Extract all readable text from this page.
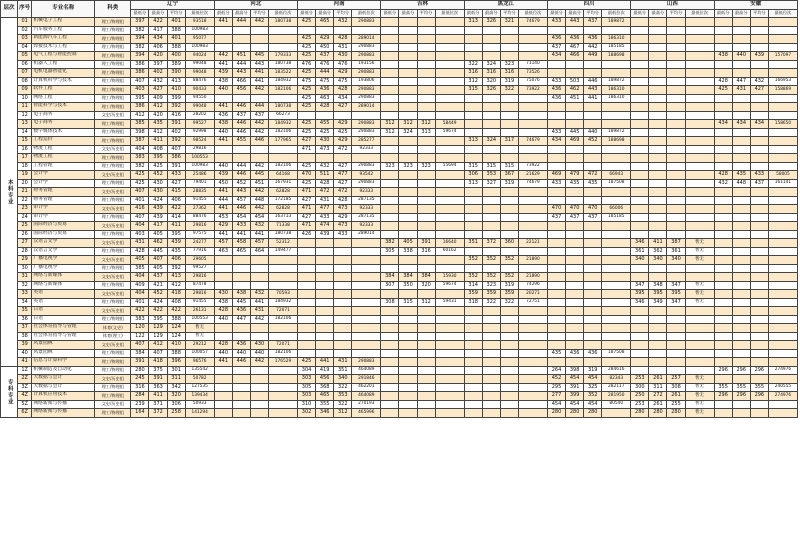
层次	序号	专业名称	科类	辽宁				河北				河南				吉林				黑龙江				四川				山西				安徽			
				最低分	最高分	平均分	最低位次	最低分	最高分	平均分	最低位次	最低分	最高分	平均分	最低位次	最低分	最高分	平均分	最低位次	最低分	最高分	平均分	最低位次	最低分	最高分	平均分	最低位次	最低分	最高分	平均分	最低位次	最低分	最高分	平均分	最低位次
本科专业	01	机械电子工程	理工/物理组	397	422	401	93518	441	444	442	180738	425	465	432	290883					313	326	321	74679	433	443	437	189872								
	02	汽车服务工程	理工/物理组	382	417	388	100983																												
	03	新能源汽车工程	理工/物理组	394	434	401	95077					425	429	428	289014									436	436	436	186310								
	04	焊接技术与工程	理工/物理组	382	406	388	100983					425	450	431	290883									437	467	442	185185								
	05	电气工程与智能控制	理工/物理组	394	420	400	94024	442	451	445	179333	425	437	430	290883									434	466	449	188698					438	440	439	157097
	06	机器人工程	理工/物理组	386	397	389	99048	441	444	443	180738	476	476	476	193156					322	324	323	71140												
	07	电机电器智能化	理工/物理组	386	402	390	99048	439	443	441	183522	425	444	429	290883					316	316	316	73526												
	08	计算机科学与技术	理工/物理组	407	432	413	88476	438	466	441	184932	475	475	475	193806					312	320	319	75076	433	503	446	189872					428	447	432	166953
	09	软件工程	理工/物理组	403	427	410	90433	440	456	442	182106	425	436	428	290883					315	326	322	73922	436	462	443	186310					425	431	427	158869
	10	网络工程	理工/物理组	395	409	399	94550					425	463	434	290883									436	451	441	186310								
	11	智能科学与技术	理工/物理组	386	412	392	99048	441	446	444	180738	425	428	427	289014																				
	12	电子商务	文史/历史组	412	420	416	28202	436	437	437	66273																								
	13	电子商务	理工/物理组	385	435	391	99527	438	446	442	184932	425	455	429	290883	312	312	312	58449													434	434	434	158650
	14	数字媒体技术	理工/物理组	398	412	402	92998	440	446	442	182106	425	425	425	290883	312	324	313	59674					433	445	440	189872								
	15	工程造价	理工/物理组	387	411	392	98524	441	455	446	177965	427	430	429	285277					313	324	317	74679	434	469	452	188698								
	16	物流工程	文史/历史组	404	408	407	29816					471	473	472	92333																				
	17	物流工程	理工/物理组	383	395	386	100553																												
	18	工程管理	理工/物理组	382	425	391	100983	440	444	442	182106	425	432	427	290883	323	323	323	55694	315	315	315	73922												
	19	会计学	文史/历史组	425	452	433	25486	439	446	445	64168	470	511	477	93542					306	353	367	21629	469	479	472	66943					428	435	433	58005
	20	会计学	理工/物理组	425	430	427	79401	450	452	451	167931	425	428	427	290883					313	327	319	74679	433	435	435	187508					432	448	437	161141
	21	财务管理	文史/历史组	407	430	415	28835	441	443	442	62828	471	472	472	92333																				
	22	财务管理	理工/物理组	401	424	406	91455	444	457	448	172185	427	431	428	287135																				
	23	审计学	文史/历史组	416	439	422	27362	441	446	442	62828	471	477	473	92333									470	470	470	66006								
	24	审计学	理工/物理组	407	439	414	88476	453	454	454	163713	427	433	429	287135									437	437	437	185185								
	25	国际经济与贸易	文史/历史组	404	417	411	29816	429	433	432	71338	471	474	473	92333																				
	26	国际经济与贸易	理工/物理组	403	405	395	97575	441	441	441	180738	426	439	433	289014																				
	27	汉语言文学	文史/历史组	431	462	439	24277	457	458	457	52312					382	405	391	16640	351	372	360	22121					346	411	387	暂无				
	28	汉语言文学	理工/物理组	428	445	435	77916	463	465	464	149477					305	338	316	60162									361	362	361	暂无				
	29	广播电视学	文史/历史组	405	407	406	29605													352	352	352	21890					340	340	340	暂无				
	30	广播电视学	理工/物理组	385	405	392	99527																												
	31	网络与新媒体	文史/历史组	404	437	413	29816									384	384	384	15930	352	352	352	21890												
	32	网络与新媒体	理工/物理组	409	421	412	87478									307	350	320	59674	314	323	319	74296					347	348	347	暂无				
	33	英语	文史/历史组	404	452	418	29816	430	438	432	70593									359	359	359	20271					395	395	395	暂无				
	34	英语	理工/物理组	401	424	408	91455	438	445	441	184932					308	315	312	59431	318	322	322	72751					346	349	347	暂无				
	35	日语	文史/历史组	422	422	422	26131	428	436	431	72071																								
	36	日语	理工/物理组	383	395	388	100553	440	447	442	182106																								
	37	社会体育指导与管理	体育(文史)	120	129	124	暂无																												
	38	社会体育指导与管理	体育(理工)	122	129	124	暂无																												
	39	风景园林	文史/历史组	407	412	410	29212	428	436	430	72071																								
	40	风景园林	理工/物理组	384	407	388	100057	440	440	440	182106													435	436	436	187508								
	41	信息与计算科学	理工/物理组	391	418	396	96576	441	446	442	176529	425	441	431	290883																				
专科专业	1Z	机械制造及自动化	理工/物理组	280	375	301	135542					304	419	351	464089									264	398	319	284616					296	296	296	274976
	2Z	大数据与会计	文史/历史组	245	391	311	50782					303	456	340	291846									452	454	454	82343	253	261	257	暂无				
	3Z	大数据与会计	理工/物理组	316	363	342	127535					305	368	322	462201									295	391	325	282117	300	311	308	暂无	355	355	355	240555
	4Z	计算机应用技术	理工/物理组	284	411	320	139434					303	465	353	464089									277	399	352	281950	250	272	261	暂无	296	296	296	274976
	5Z	网络新闻与传播	文史/历史组	239	371	306	50933					310	355	322	270193									454	454	454	80540	253	261	255	暂无				
	6Z	网络新闻与传播	理工/物理组	164	372	258	141294					302	346	312	465996									280	280	280		280	280	280	暂无				
